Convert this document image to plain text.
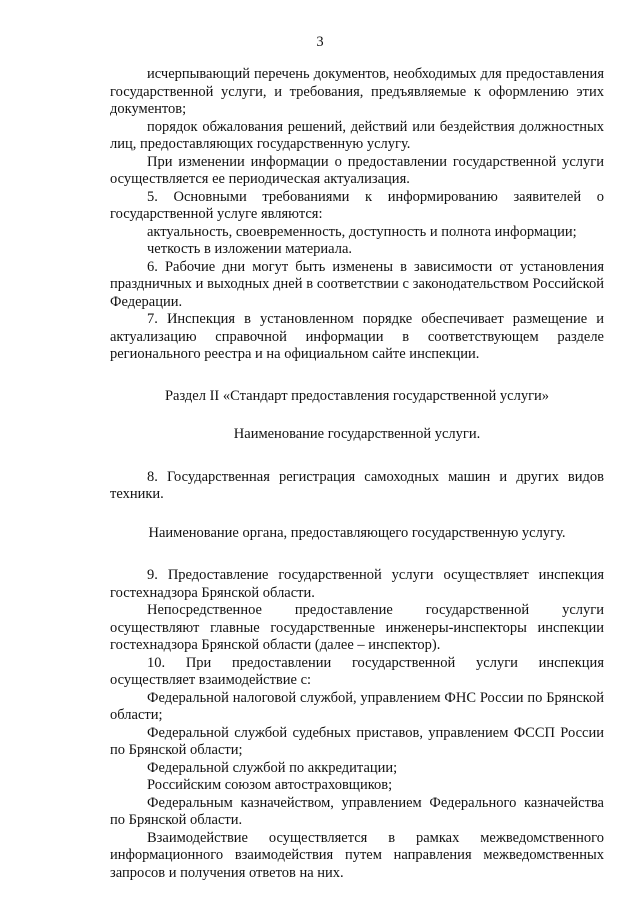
3

исчерпывающий перечень документов, необходимых для предоставления государственной услуги, и требования, предъявляемые к оформлению этих документов;

порядок обжалования решений, действий или бездействия должностных лиц, предоставляющих государственную услугу.

При изменении информации о предоставлении государственной услуги осуществляется ее периодическая актуализация.

5. Основными требованиями к информированию заявителей о государственной услуге являются:

актуальность, своевременность, доступность и полнота информации;

четкость в изложении материала.

6. Рабочие дни могут быть изменены в зависимости от установления праздничных и выходных дней в соответствии с законодательством Российской Федерации.

7. Инспекция в установленном порядке обеспечивает размещение и актуализацию справочной информации в соответствующем разделе регионального реестра и на официальном сайте инспекции.

Раздел II «Стандарт предоставления государственной услуги»

Наименование государственной услуги.

8. Государственная регистрация самоходных машин и других видов техники.

Наименование органа, предоставляющего государственную услугу.

9. Предоставление государственной услуги осуществляет инспекция гостехнадзора Брянской области.

Непосредственное предоставление государственной услуги осуществляют главные государственные инженеры-инспекторы инспекции гостехнадзора Брянской области (далее – инспектор).

10. При предоставлении государственной услуги инспекция осуществляет взаимодействие с:

Федеральной налоговой службой, управлением ФНС России по Брянской области;

Федеральной службой судебных приставов, управлением ФССП России по Брянской области;

Федеральной службой по аккредитации;

Российским союзом автостраховщиков;

Федеральным казначейством, управлением Федерального казначейства по Брянской области.

Взаимодействие осуществляется в рамках межведомственного информационного взаимодействия путем направления межведомственных запросов и получения ответов на них.
